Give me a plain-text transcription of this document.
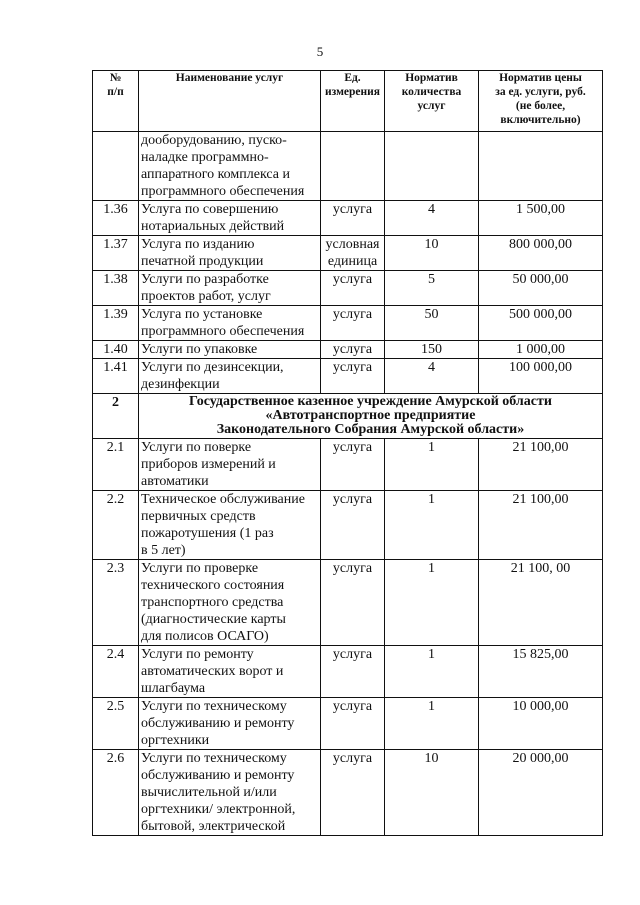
5
№
п/п	Наименование услуг	Ед.
измерения	Норматив
количества
услуг	Норматив цены
за ед. услуги, руб.
(не более,
включительно)
	дооборудованию, пуско-
наладке программно-
аппаратного комплекса и
программного обеспечения			
1.36	Услуга по совершению
нотариальных действий	услуга	4	1 500,00
1.37	Услуга по изданию
печатной продукции	условная
единица	10	800 000,00
1.38	Услуги по разработке
проектов работ, услуг	услуга	5	50 000,00
1.39	Услуга по установке
программного обеспечения	услуга	50	500 000,00
1.40	Услуги по упаковке	услуга	150	1 000,00
1.41	Услуги по дезинсекции,
дезинфекции	услуга	4	100 000,00
2	Государственное казенное учреждение Амурской области
«Автотранспортное предприятие
Законодательного Собрания Амурской области»			
2.1	Услуги по поверке
приборов измерений и
автоматики	услуга	1	21 100,00
2.2	Техническое обслуживание
первичных средств
пожаротушения (1 раз
в 5 лет)	услуга	1	21 100,00
2.3	Услуги по проверке
технического состояния
транспортного средства
(диагностические карты
для полисов ОСАГО)	услуга	1	21 100, 00
2.4	Услуги по ремонту
автоматических ворот и
шлагбаума	услуга	1	15 825,00
2.5	Услуги по техническому
обслуживанию и ремонту
оргтехники	услуга	1	10 000,00
2.6	Услуги по техническому
обслуживанию и ремонту
вычислительной и/или
оргтехники/ электронной,
бытовой, электрической	услуга	10	20 000,00
